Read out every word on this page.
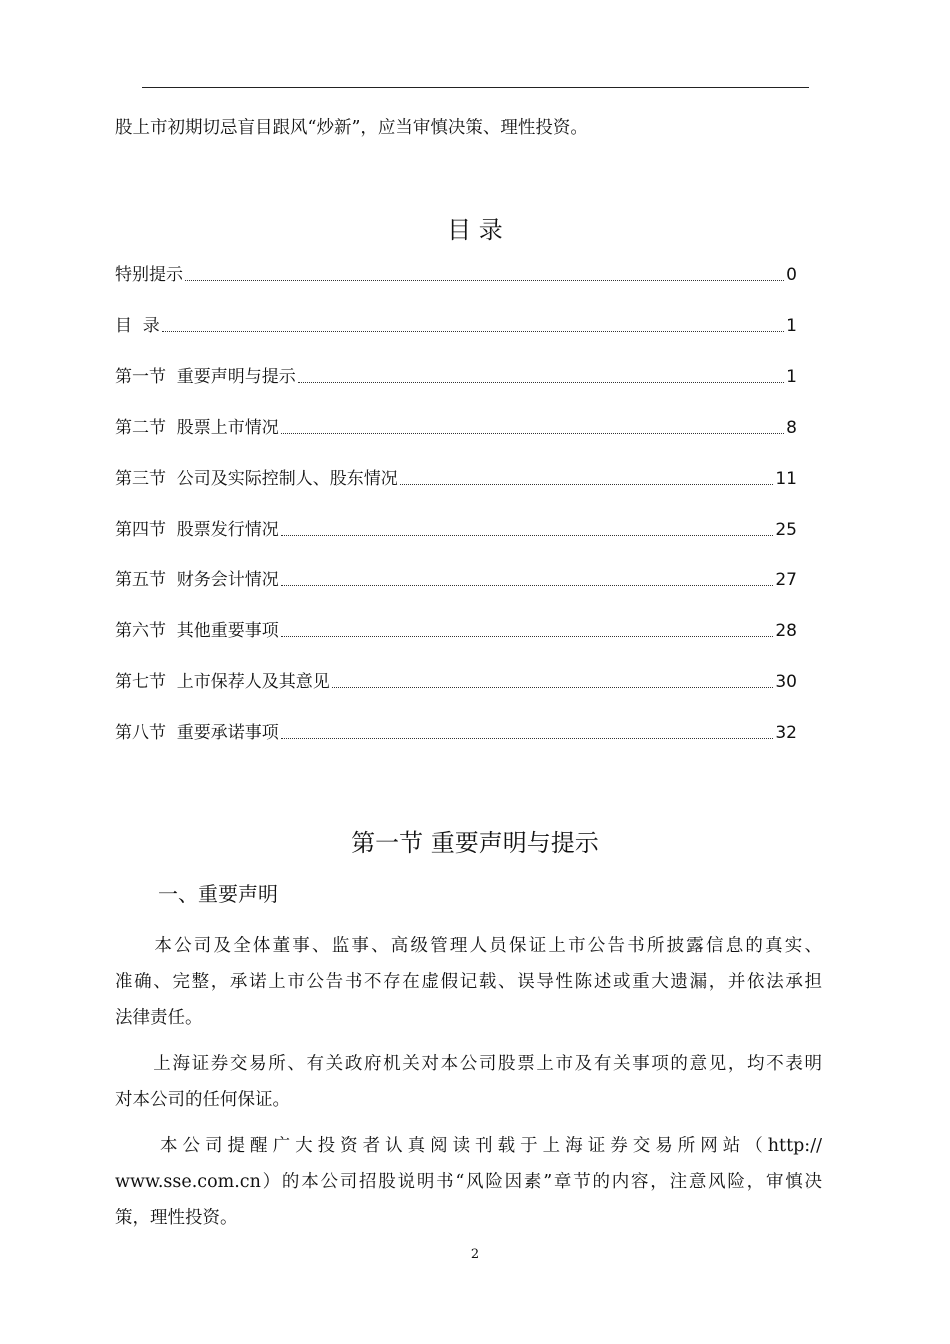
股上市初期切忌盲目跟风“炒新”，应当审慎决策、理性投资。
目 录
特别提示	0
目  录	1
第一节  重要声明与提示	1
第二节  股票上市情况	8
第三节  公司及实际控制人、股东情况	11
第四节  股票发行情况	25
第五节  财务会计情况	27
第六节  其他重要事项	28
第七节  上市保荐人及其意见	30
第八节  重要承诺事项	32
第一节 重要声明与提示
一、重要声明
　　本公司及全体董事、监事、高级管理人员保证上市公告书所披露信息的真实、
准确、完整，承诺上市公告书不存在虚假记载、误导性陈述或重大遗漏，并依法承担
法律责任。
　　上海证券交易所、有关政府机关对本公司股票上市及有关事项的意见，均不表明
对本公司的任何保证。
　　本公司提醒广大投资者认真阅读刊载于上海证券交易所网站（http://
www.sse.com.cn）的本公司招股说明书“风险因素”章节的内容，注意风险，审慎决
策，理性投资。
2
